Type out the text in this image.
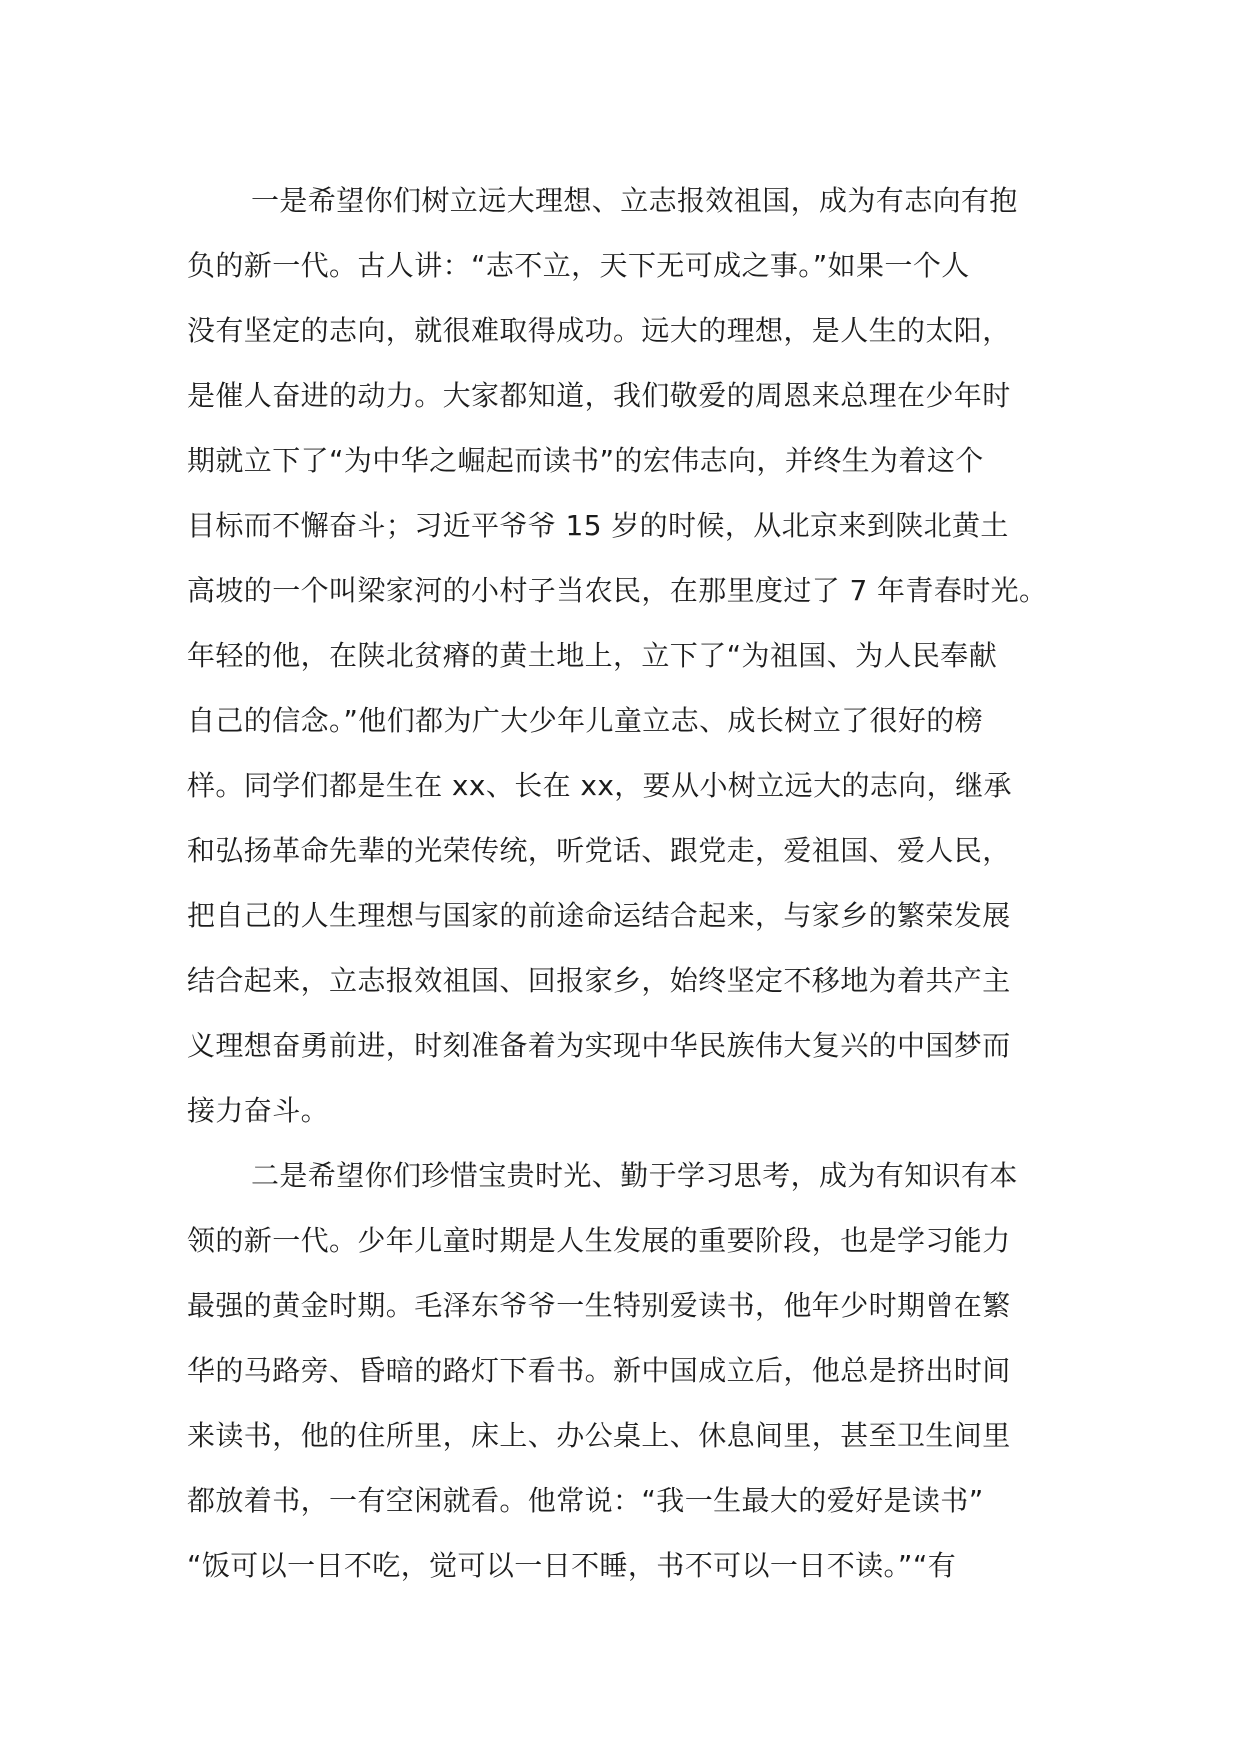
一是希望你们树立远大理想、立志报效祖国，成为有志向有抱
负的新一代。古人讲：“志不立，天下无可成之事。”如果一个人
没有坚定的志向，就很难取得成功。远大的理想，是人生的太阳，
是催人奋进的动力。大家都知道，我们敬爱的周恩来总理在少年时
期就立下了“为中华之崛起而读书”的宏伟志向，并终生为着这个
目标而不懈奋斗；习近平爷爷 15 岁的时候，从北京来到陕北黄土
高坡的一个叫梁家河的小村子当农民，在那里度过了 7 年青春时光。
年轻的他，在陕北贫瘠的黄土地上，立下了“为祖国、为人民奉献
自己的信念。”他们都为广大少年儿童立志、成长树立了很好的榜
样。同学们都是生在 xx、长在 xx，要从小树立远大的志向，继承
和弘扬革命先辈的光荣传统，听党话、跟党走，爱祖国、爱人民，
把自己的人生理想与国家的前途命运结合起来，与家乡的繁荣发展
结合起来，立志报效祖国、回报家乡，始终坚定不移地为着共产主
义理想奋勇前进，时刻准备着为实现中华民族伟大复兴的中国梦而
接力奋斗。
二是希望你们珍惜宝贵时光、勤于学习思考，成为有知识有本
领的新一代。少年儿童时期是人生发展的重要阶段，也是学习能力
最强的黄金时期。毛泽东爷爷一生特别爱读书，他年少时期曾在繁
华的马路旁、昏暗的路灯下看书。新中国成立后，他总是挤出时间
来读书，他的住所里，床上、办公桌上、休息间里，甚至卫生间里
都放着书，一有空闲就看。他常说：“我一生最大的爱好是读书”
“饭可以一日不吃，觉可以一日不睡，书不可以一日不读。”“有
